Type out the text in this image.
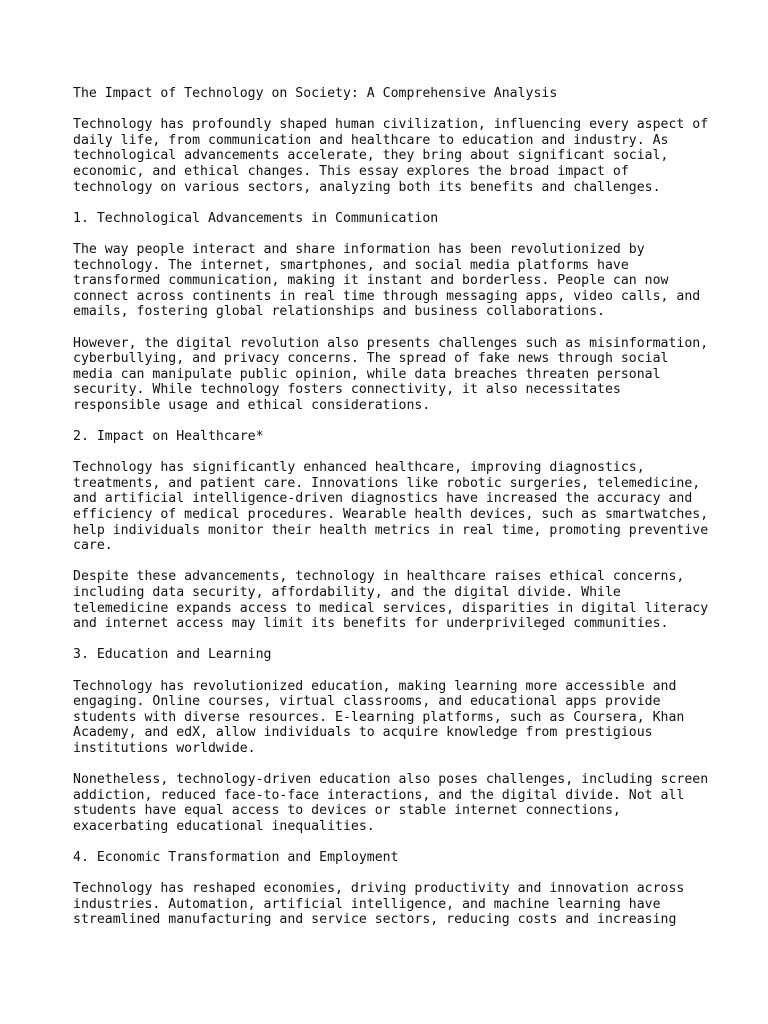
The Impact of Technology on Society: A Comprehensive Analysis
Technology has profoundly shaped human civilization, influencing every aspect of
daily life, from communication and healthcare to education and industry. As
technological advancements accelerate, they bring about significant social,
economic, and ethical changes. This essay explores the broad impact of
technology on various sectors, analyzing both its benefits and challenges.
1. Technological Advancements in Communication
The way people interact and share information has been revolutionized by
technology. The internet, smartphones, and social media platforms have
transformed communication, making it instant and borderless. People can now
connect across continents in real time through messaging apps, video calls, and
emails, fostering global relationships and business collaborations.
However, the digital revolution also presents challenges such as misinformation,
cyberbullying, and privacy concerns. The spread of fake news through social
media can manipulate public opinion, while data breaches threaten personal
security. While technology fosters connectivity, it also necessitates
responsible usage and ethical considerations.
2. Impact on Healthcare*
Technology has significantly enhanced healthcare, improving diagnostics,
treatments, and patient care. Innovations like robotic surgeries, telemedicine,
and artificial intelligence-driven diagnostics have increased the accuracy and
efficiency of medical procedures. Wearable health devices, such as smartwatches,
help individuals monitor their health metrics in real time, promoting preventive
care.
Despite these advancements, technology in healthcare raises ethical concerns,
including data security, affordability, and the digital divide. While
telemedicine expands access to medical services, disparities in digital literacy
and internet access may limit its benefits for underprivileged communities.
3. Education and Learning
Technology has revolutionized education, making learning more accessible and
engaging. Online courses, virtual classrooms, and educational apps provide
students with diverse resources. E-learning platforms, such as Coursera, Khan
Academy, and edX, allow individuals to acquire knowledge from prestigious
institutions worldwide.
Nonetheless, technology-driven education also poses challenges, including screen
addiction, reduced face-to-face interactions, and the digital divide. Not all
students have equal access to devices or stable internet connections,
exacerbating educational inequalities.
4. Economic Transformation and Employment
Technology has reshaped economies, driving productivity and innovation across
industries. Automation, artificial intelligence, and machine learning have
streamlined manufacturing and service sectors, reducing costs and increasing
